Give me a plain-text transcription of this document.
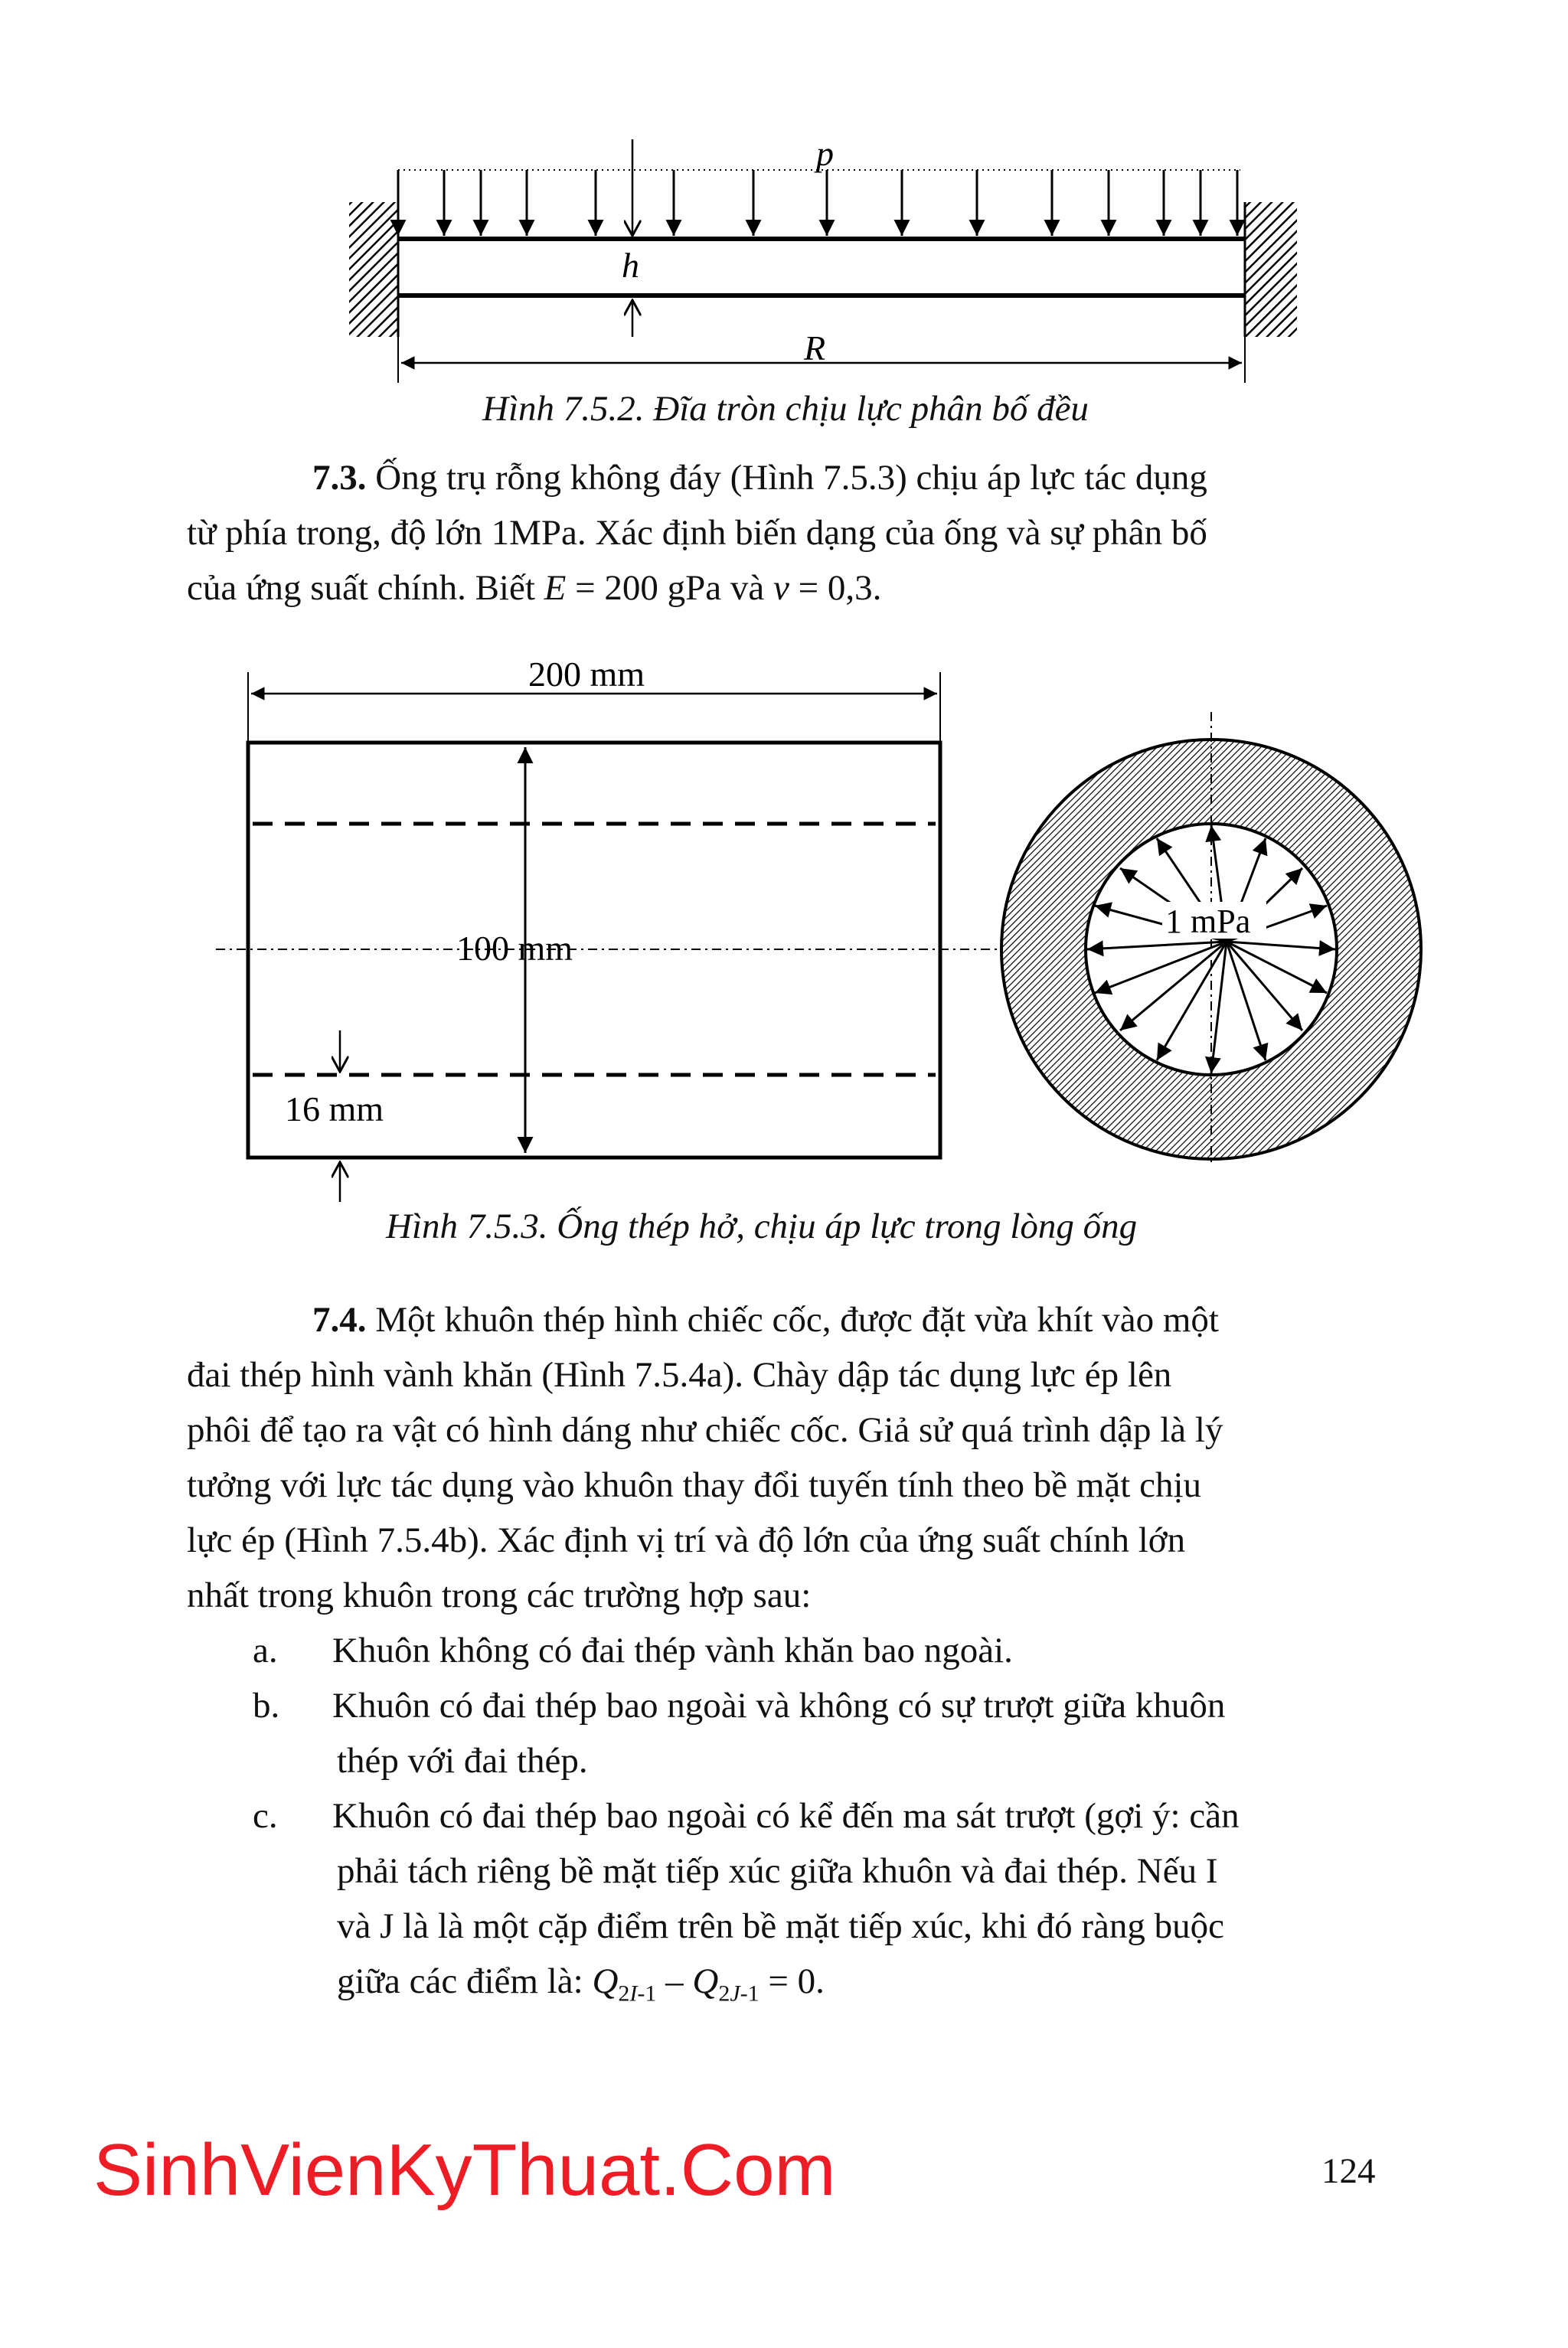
p
h
R
Hình 7.5.2. Đĩa tròn chịu lực phân bố đều
7.3. Ống trụ rỗng không đáy (Hình 7.5.3) chịu áp lực tác dụng
từ phía trong, độ lớn 1MPa. Xác định biến dạng của ống và sự phân bố
của ứng suất chính. Biết E = 200 gPa và ν = 0,3.
200 mm
100 mm
16 mm
1 mPa
Hình 7.5.3. Ống thép hở, chịu áp lực trong lòng ống
7.4. Một khuôn thép hình chiếc cốc, được đặt vừa khít vào một
đai thép hình vành khăn (Hình 7.5.4a). Chày dập tác dụng lực ép lên
phôi để tạo ra vật có hình dáng như chiếc cốc. Giả sử quá trình dập là lý
tưởng với lực tác dụng vào khuôn thay đổi tuyến tính theo bề mặt chịu
lực ép (Hình 7.5.4b). Xác định vị trí và độ lớn của ứng suất chính lớn
nhất trong khuôn trong các trường hợp sau:
a. Khuôn không có đai thép vành khăn bao ngoài.
b. Khuôn có đai thép bao ngoài và không có sự trượt giữa khuôn
thép với đai thép.
c. Khuôn có đai thép bao ngoài có kể đến ma sát trượt (gợi ý: cần
phải tách riêng bề mặt tiếp xúc giữa khuôn và đai thép. Nếu I
và J là là một cặp điểm trên bề mặt tiếp xúc, khi đó ràng buộc
giữa các điểm là: $Q_{2I-1} - Q_{2J-1} = 0$.
SinhVienKyThuat.Com	124
